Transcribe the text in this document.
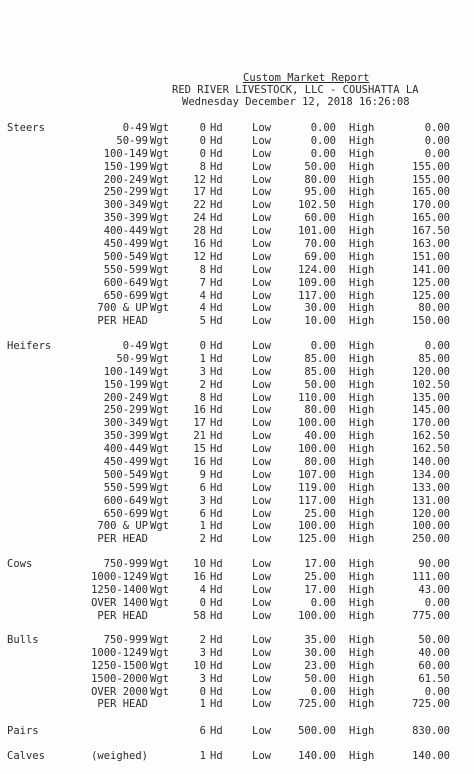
Custom Market Report
RED RIVER LIVESTOCK, LLC - COUSHATTA LA
Wednesday December 12, 2018 16:26:08
Steers	0-49 Wgt	0 Hd	Low	0.00 High	0.00
50-99 Wgt	0 Hd	Low	0.00 High	0.00
100-149 Wgt	0 Hd	Low	0.00 High	0.00
150-199 Wgt	8 Hd	Low	50.00 High	155.00
200-249 Wgt 12 Hd	Low	80.00 High	155.00
250-299 Wgt 17 Hd	Low	95.00 High	165.00
300-349 Wgt 22 Hd	Low	102.50 High	170.00
350-399 Wgt 24 Hd	Low	60.00 High	165.00
400-449 Wgt 28 Hd	Low	101.00 High	167.50
450-499 Wgt 16 Hd	Low	70.00 High	163.00
500-549 Wgt 12 Hd	Low	69.00 High	151.00
550-599 Wgt	8 Hd	Low	124.00 High	141.00
600-649 Wgt	7 Hd	Low	109.00 High	125.00
650-699 Wgt	4 Hd	Low	117.00 High	125.00
700 & UP Wgt	4 Hd	Low	30.00 High	80.00
PER HEAD	5 Hd	Low	10.00 High	150.00
Heifers	0-49 Wgt	0 Hd	Low	0.00 High	0.00
50-99 Wgt	1 Hd	Low	85.00 High	85.00
100-149 Wgt	3 Hd	Low	85.00 High	120.00
150-199 Wgt	2 Hd	Low	50.00 High	102.50
200-249 Wgt	8 Hd	Low	110.00 High	135.00
250-299 Wgt 16 Hd	Low	80.00 High	145.00
300-349 Wgt 17 Hd	Low	100.00 High	170.00
350-399 Wgt 21 Hd	Low	40.00 High	162.50
400-449 Wgt 15 Hd	Low	100.00 High	162.50
450-499 Wgt 16 Hd	Low	80.00 High	140.00
500-549 Wgt	9 Hd	Low	107.00 High	134.00
550-599 Wgt	6 Hd	Low	119.00 High	133.00
600-649 Wgt	3 Hd	Low	117.00 High	131.00
650-699 Wgt	6 Hd	Low	25.00 High	120.00
700 & UP Wgt	1 Hd	Low	100.00 High	100.00
PER HEAD	2 Hd	Low	125.00 High	250.00
Cows	750-999 Wgt 10 Hd	Low	17.00 High	90.00
1000-1249 Wgt 16 Hd	Low	25.00 High	111.00
1250-1400 Wgt	4 Hd	Low	17.00 High	43.00
OVER 1400 Wgt	0 Hd	Low	0.00 High	0.00
PER HEAD	58 Hd	Low	100.00 High	775.00
Bulls	750-999 Wgt	2 Hd	Low	35.00 High	50.00
1000-1249 Wgt	3 Hd	Low	30.00 High	40.00
1250-1500 Wgt 10 Hd	Low	23.00 High	60.00
1500-2000 Wgt	3 Hd	Low	50.00 High	61.50
OVER 2000 Wgt	0 Hd	Low	0.00 High	0.00
PER HEAD	1 Hd	Low	725.00 High	725.00
Pairs	6 Hd	Low	500.00 High	830.00
Calves	(weighed)	1 Hd	Low	140.00 High	140.00
